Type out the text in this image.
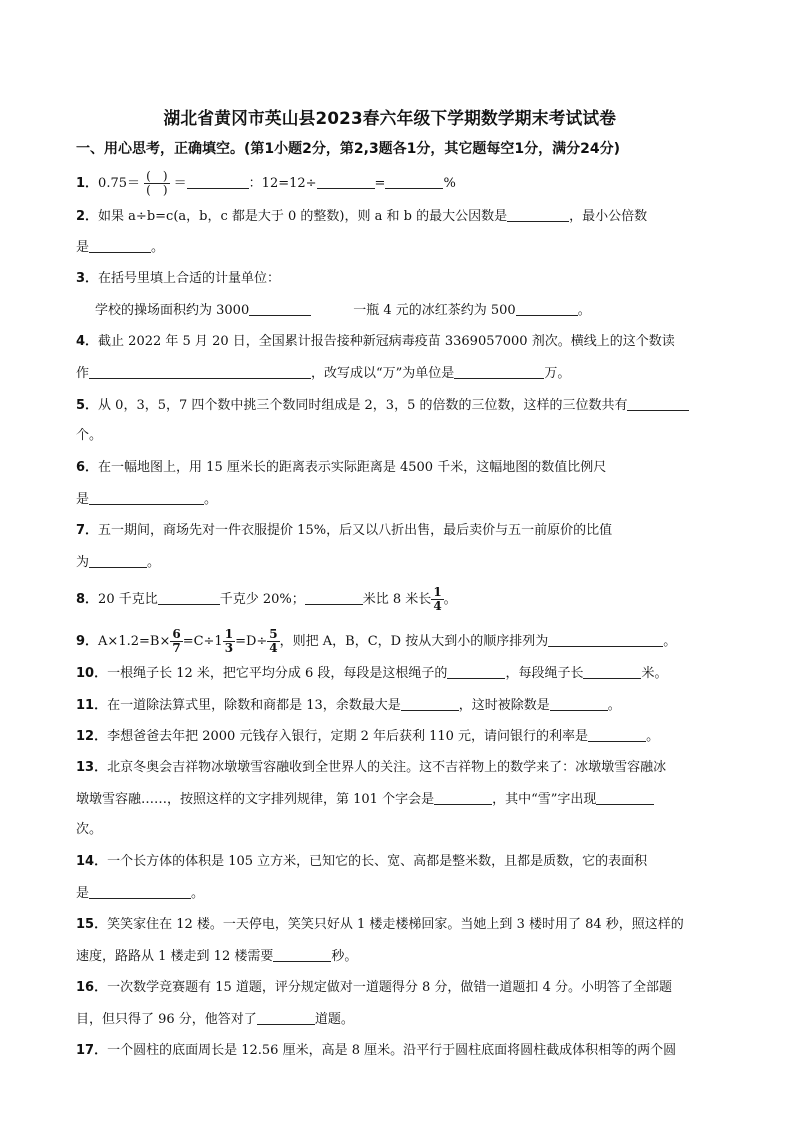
湖北省黄冈市英山县2023春六年级下学期数学期末考试试卷
一、用心思考，正确填空。(第1小题2分，第2,3题各1分，其它题每空1分，满分24分)
1．$0.75= \frac{( )}{( )}$ ＝	：12=12÷	=	%
2．如果 a÷b=c(a，b，c 都是大于 0 的整数)，则 a 和 b 的最大公因数是	，最小公倍数
是	。
3．在括号里填上合适的计量单位：
学校的操场面积约为 3000	一瓶 4 元的冰红茶约为 500	。
4．截止 2022 年 5 月 20 日，全国累计报告接种新冠病毒疫苗 3369057000 剂次。横线上的这个数读
作	，改写成以“万”为单位是	万。
5．从 0，3，5，7 四个数中挑三个数同时组成是 2，3，5 的倍数的三位数，这样的三位数共有
个。
6．在一幅地图上，用 15 厘米长的距离表示实际距离是 4500 千米，这幅地图的数值比例尺
是	。
7．五一期间，商场先对一件衣服提价 15%，后又以八折出售，最后卖价与五一前原价的比值
为	。
8．20 千克比	千克少 20%；	米比 8 米长 $\frac{1}{4}$ 。
9．$A\times 1.2=B\times \frac{6}{7} =C\div 1 \frac{1}{3} =D\div \frac{5}{4}$ ，则把 A，B，C，D 按从大到小的顺序排列为	。
10．一根绳子长 12 米，把它平均分成 6 段，每段是这根绳子的	，每段绳子长	米。
11．在一道除法算式里，除数和商都是 13，余数最大是	，这时被除数是	。
12．李想爸爸去年把 2000 元钱存入银行，定期 2 年后获利 110 元，请问银行的利率是	。
13．北京冬奥会吉祥物冰墩墩雪容融收到全世界人的关注。这不吉祥物上的数学来了：冰墩墩雪容融冰
墩墩雪容融……，按照这样的文字排列规律，第 101 个字会是	，其中“雪”字出现
次。
14．一个长方体的体积是 105 立方米，已知它的长、宽、高都是整米数，且都是质数，它的表面积
是	。
15．笑笑家住在 12 楼。一天停电，笑笑只好从 1 楼走楼梯回家。当她上到 3 楼时用了 84 秒，照这样的
速度，路路从 1 楼走到 12 楼需要	秒。
16．一次数学竞赛题有 15 道题，评分规定做对一道题得分 8 分，做错一道题扣 4 分。小明答了全部题
目，但只得了 96 分，他答对了	道题。
17．一个圆柱的底面周长是 12.56 厘米，高是 8 厘米。沿平行于圆柱底面将圆柱截成体积相等的两个圆
